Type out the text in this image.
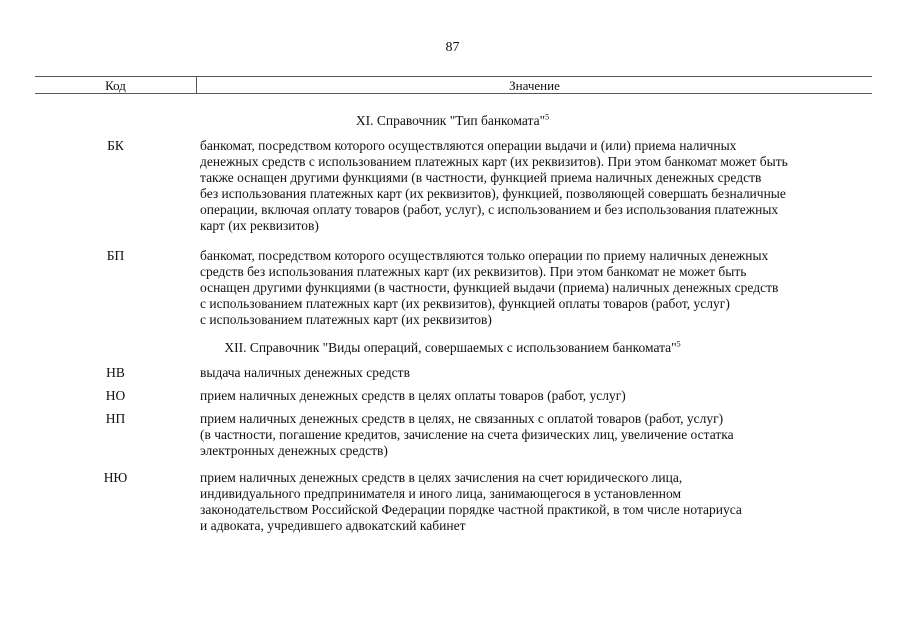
87
Код	Значение
XI. Справочник "Тип банкомата"$^5$
БК	банкомат, посредством которого осуществляются операции выдачи и (или) приема наличных
денежных средств с использованием платежных карт (их реквизитов). При этом банкомат может быть
также оснащен другими функциями (в частности, функцией приема наличных денежных средств
без использования платежных карт (их реквизитов), функцией, позволяющей совершать безналичные
операции, включая оплату товаров (работ, услуг), с использованием и без использования платежных
карт (их реквизитов)
БП	банкомат, посредством которого осуществляются только операции по приему наличных денежных
средств без использования платежных карт (их реквизитов). При этом банкомат не может быть
оснащен другими функциями (в частности, функцией выдачи (приема) наличных денежных средств
с использованием платежных карт (их реквизитов), функцией оплаты товаров (работ, услуг)
с использованием платежных карт (их реквизитов)
XII. Справочник "Виды операций, совершаемых с использованием банкомата"$^5$
НВ	выдача наличных денежных средств
НО	прием наличных денежных средств в целях оплаты товаров (работ, услуг)
НП	прием наличных денежных средств в целях, не связанных с оплатой товаров (работ, услуг)
(в частности, погашение кредитов, зачисление на счета физических лиц, увеличение остатка
электронных денежных средств)
НЮ	прием наличных денежных средств в целях зачисления на счет юридического лица,
индивидуального предпринимателя и иного лица, занимающегося в установленном
законодательством Российской Федерации порядке частной практикой, в том числе нотариуса
и адвоката, учредившего адвокатский кабинет
